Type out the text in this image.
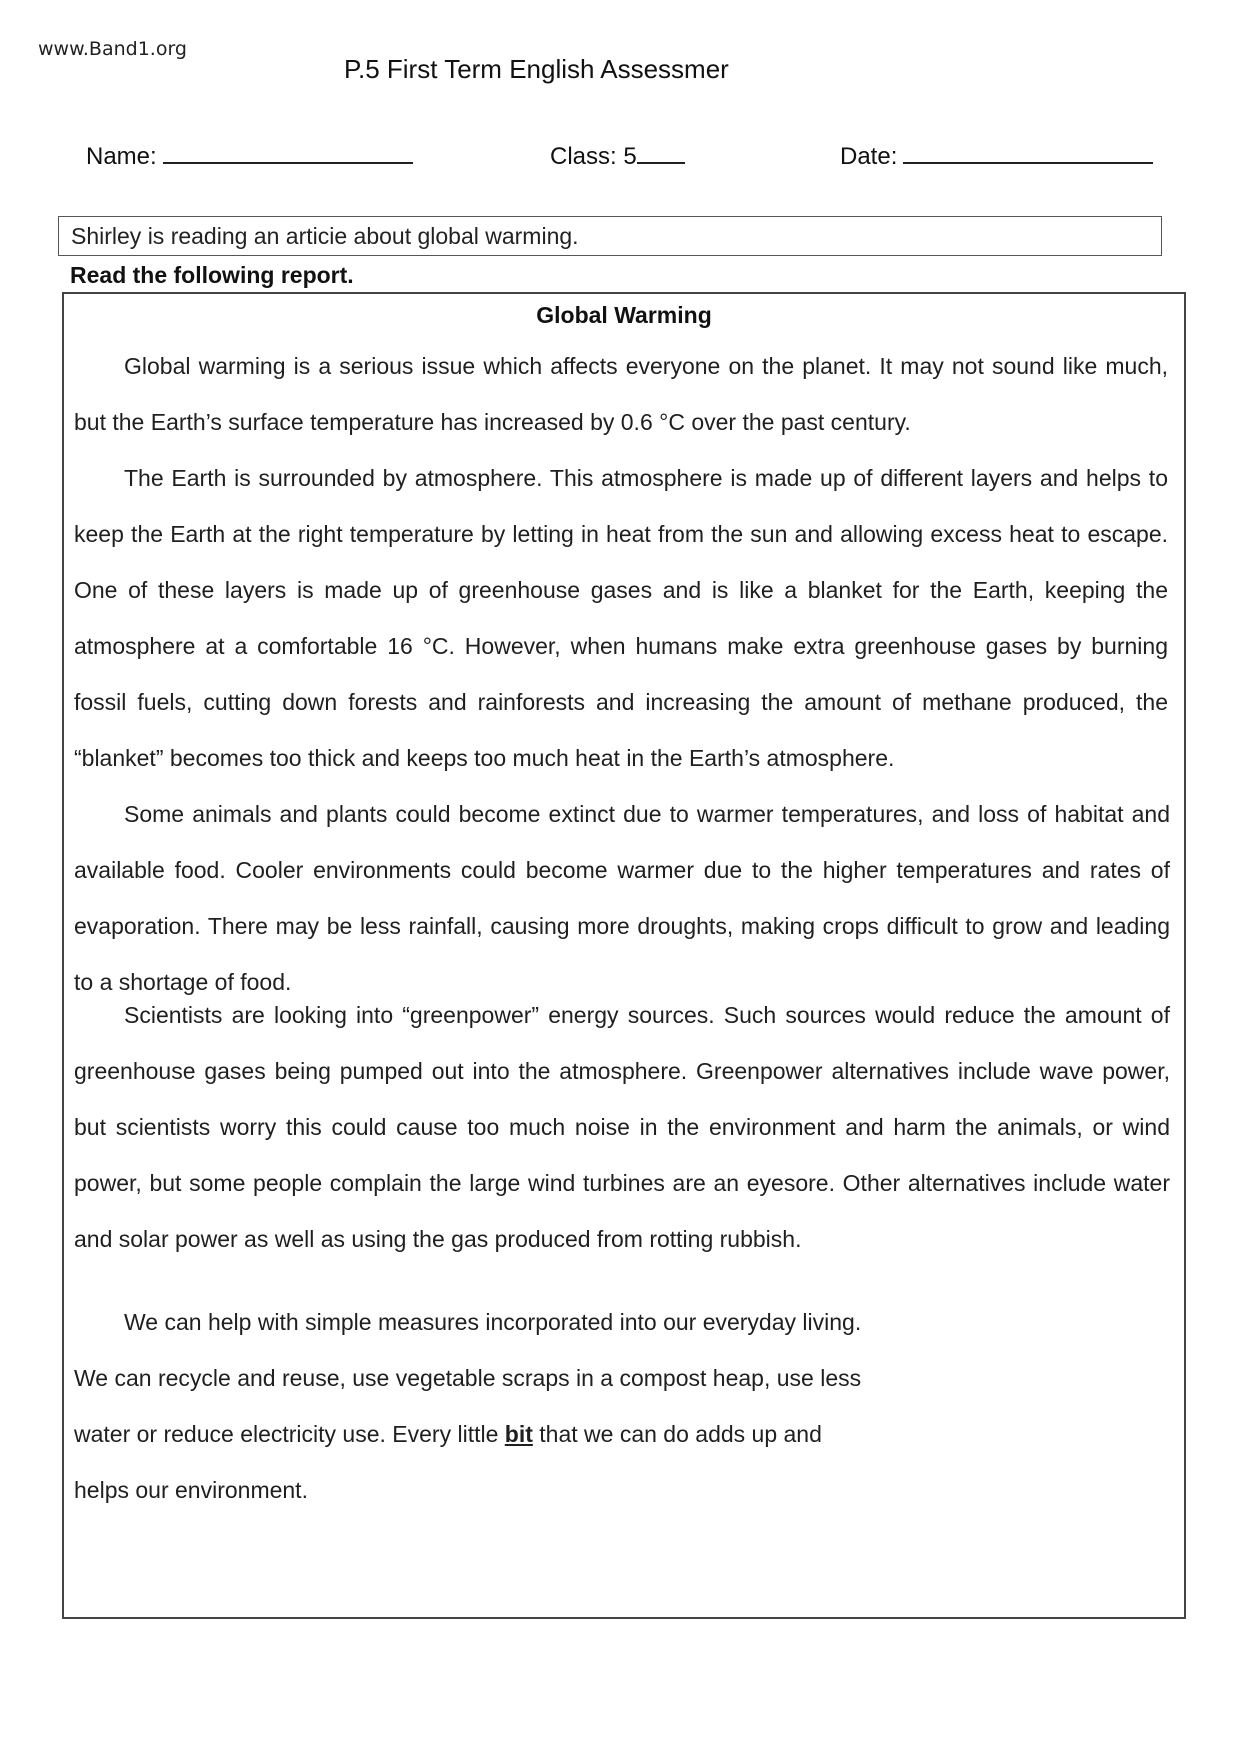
www.Band1.org
P.5 First Term English Assessmer
Name:	Class: 5	Date:
Shirley is reading an articie about global warming.
Read the following report.
Global Warming
Global warming is a serious issue which affects everyone on the planet. It may not sound like much, but the Earth’s surface temperature has increased by 0.6 °C over the past century.
The Earth is surrounded by atmosphere. This atmosphere is made up of different layers and helps to keep the Earth at the right temperature by letting in heat from the sun and allowing excess heat to escape. One of these layers is made up of greenhouse gases and is like a blanket for the Earth, keeping the atmosphere at a comfortable 16 °C. However, when humans make extra greenhouse gases by burning fossil fuels, cutting down forests and rainforests and increasing the amount of methane produced, the “blanket” becomes too thick and keeps too much heat in the Earth’s atmosphere.
Some animals and plants could become extinct due to warmer temperatures, and loss of habitat and available food. Cooler environments could become warmer due to the higher temperatures and rates of evaporation. There may be less rainfall, causing more droughts, making crops difficult to grow and leading to a shortage of food.
Scientists are looking into “greenpower” energy sources. Such sources would reduce the amount of greenhouse gases being pumped out into the atmosphere. Greenpower alternatives include wave power, but scientists worry this could cause too much noise in the environment and harm the animals, or wind power, but some people complain the large wind turbines are an eyesore. Other alternatives include water and solar power as well as using the gas produced from rotting rubbish.
We can help with simple measures incorporated into our everyday living. We can recycle and reuse, use vegetable scraps in a compost heap, use less water or reduce electricity use. Every little bit that we can do adds up and helps our environment.
